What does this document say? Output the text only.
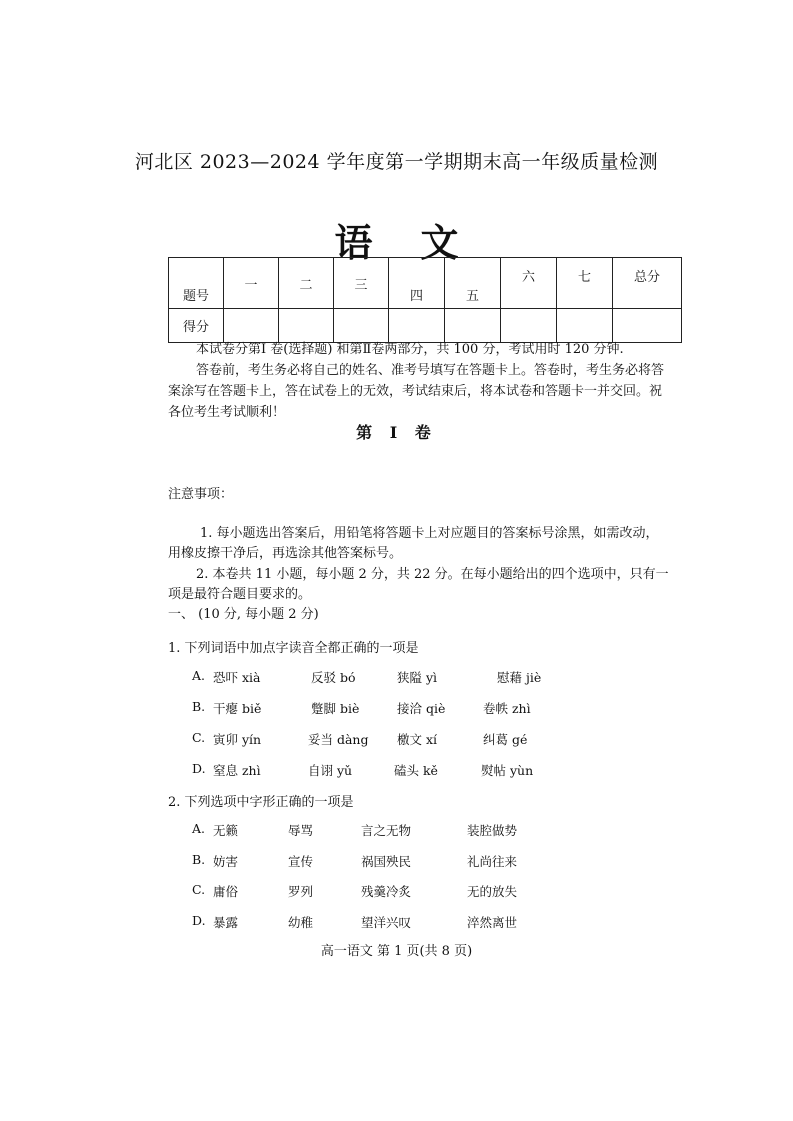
河北区 2023—2024 学年度第一学期期末高一年级质量检测
语 文
题号	一	二	三	四	五	六	七	总分
得分								
本试卷分第Ⅰ 卷(选择题) 和第Ⅱ卷两部分，共 100 分，考试用时 120 分钟.
答卷前，考生务必将自己的姓名、准考号填写在答题卡上。答卷时，考生务必将答
案涂写在答题卡上，答在试卷上的无效，考试结束后，将本试卷和答题卡一并交回。祝
各位考生考试顺利！
第 Ⅰ 卷
注意事项：
1. 每小题选出答案后，用铅笔将答题卡上对应题目的答案标号涂黑，如需改动，
用橡皮擦干净后，再选涂其他答案标号。
2. 本卷共 11 小题，每小题 2 分，共 22 分。在每小题给出的四个选项中，只有一
项是最符合题目要求的。
一、 (10 分, 每小题 2 分)
1. 下列词语中加点字读音全都正确的一项是
A. 恐吓 xià	反驳 bó	狭隘 yì	慰藉 jiè
B. 干瘪 biě	蹩脚 biè	接洽 qiè	卷帙 zhì
C. 寅卯 yín	妥当 dàng 檄文 xí	纠葛 gé
D. 窒息 zhì	自诩 yǔ	磕头 kě	熨帖 yùn
2. 下列选项中字形正确的一项是
A. 无籁	辱骂	言之无物	装腔做势
B. 妨害	宣传	祸国殃民	礼尚往来
C. 庸俗	罗列	残羹冷炙	无的放失
D. 暴露	幼稚	望洋兴叹	淬然离世
高一语文 第 1 页(共 8 页)
